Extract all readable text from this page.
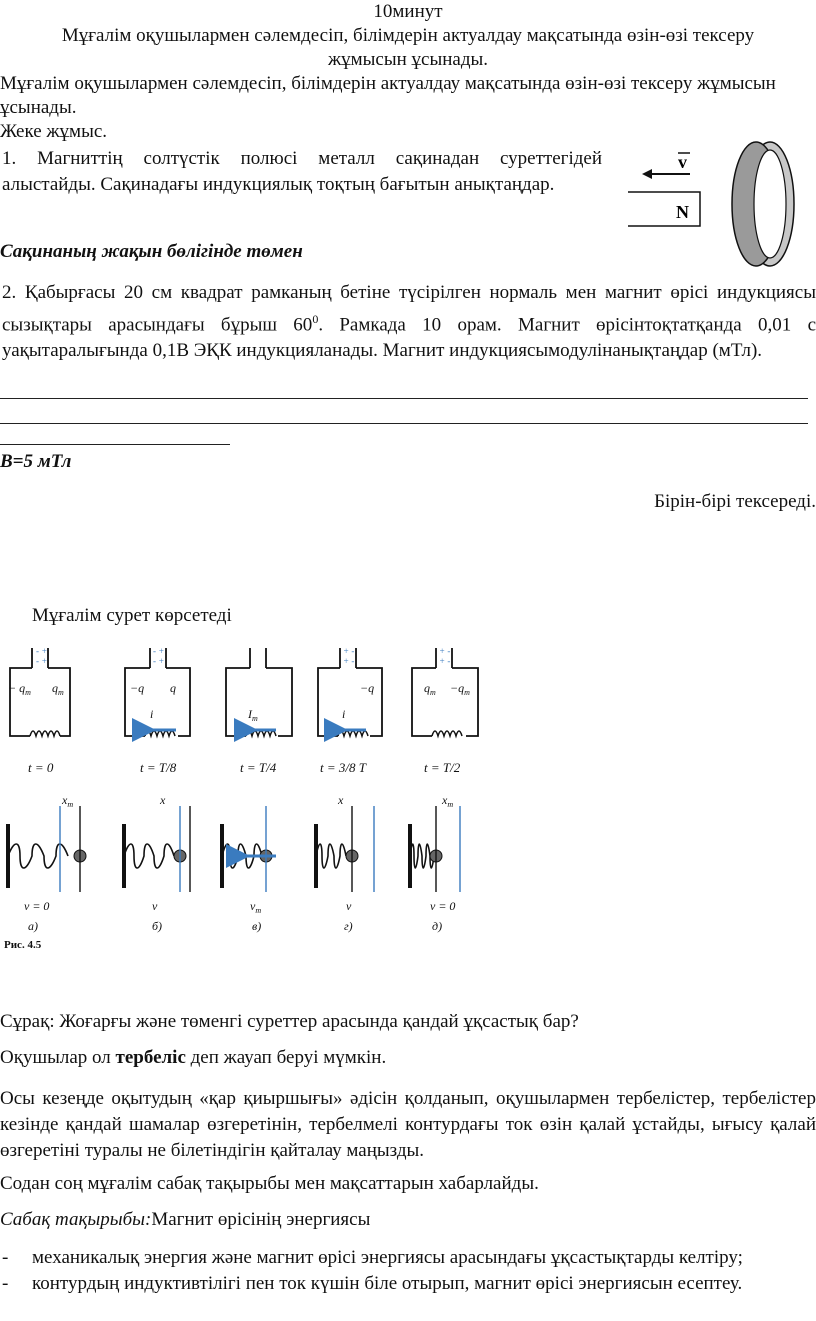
10минут
Мұғалім оқушылармен сәлемдесіп, білімдерін актуалдау мақсатында өзін-өзі тексеру
жұмысын ұсынады.
Мұғалім оқушылармен сәлемдесіп, білімдерін актуалдау мақсатында өзін-өзі тексеру жұмысын ұсынады.
Жеке жұмыс.
1. Магниттің солтүстік полюсі металл сақинадан суреттегідей алыстайды. Сақинадағы индукциялық тоқтың бағытын анықтаңдар.
v
N
Сақинаның жақын бөлігінде төмен
2. Қабырғасы 20 см квадрат рамканың бетіне түсірілген нормаль мен магнит өрісі индукциясы сызықтары арасындағы бұрыш $60^0$. Рамкада 10 орам. Магнит өрісінтоқтатқанда 0,01 с уақытаралығында 0,1В ЭҚК индукцияланады. Магнит индукциясымодулінанықтаңдар (мТл).
B=5 мТл
Бірін-бірі тексереді.
Мұғалім сурет көрсетеді
- +
- +
− $q_m$ $q_m$
t = 0
- +
- +
−q q
i
t = T/8
$I_m$
t = T/4
+ -
+ -
−q
i
t = 3/8 T
+ -
+ -
$q_m -q_m$
t = T/2
$x_m$
v = 0
а)
x
v
б)
$v_m$
в)
x
v
г)
$x_m$
v = 0
д)
Рис. 4.5
Сұрақ: Жоғарғы және төменгі суреттер арасында қандай ұқсастық бар?
Оқушылар ол тербеліс деп жауап беруі мүмкін.
Осы кезеңде оқытудың «қар қиыршығы» әдісін қолданып, оқушылармен тербелістер, тербелістер кезінде қандай шамалар өзгеретінін, тербелмелі контурдағы ток өзін қалай ұстайды, ығысу қалай өзгеретіні туралы не білетіндігін қайталау маңызды.
Содан соң мұғалім сабақ тақырыбы мен мақсаттарын хабарлайды.
Сабақ тақырыбы:Магнит өрісінің энергиясы
-	механикалық энергия және магнит өрісі энергиясы арасындағы ұқсастықтарды келтіру;
-	контурдың индуктивтілігі пен ток күшін біле отырып, магнит өрісі энергиясын есептеу.
